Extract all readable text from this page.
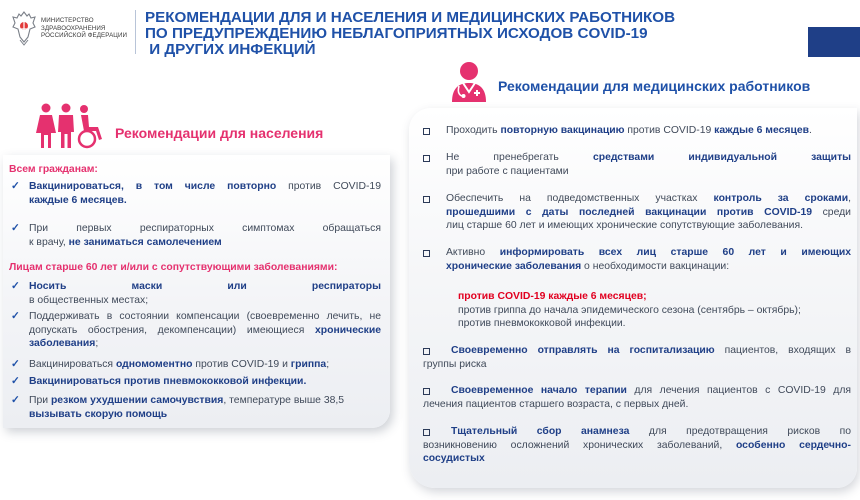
МИНИСТЕРСТВО
ЗДРАВООХРАНЕНИЯ
РОССИЙСКОЙ ФЕДЕРАЦИИ
РЕКОМЕНДАЦИИ ДЛЯ И НАСЕЛЕНИЯ И МЕДИЦИНСКИХ РАБОТНИКОВ
ПО ПРЕДУПРЕЖДЕНИЮ НЕБЛАГОПРИЯТНЫХ ИСХОДОВ COVID-19
И ДРУГИХ ИНФЕКЦИЙ
Рекомендации для медицинских работников
Рекомендации для населения
Всем гражданам:
✓ Вакцинироваться, в том числе повторно против COVID-19
каждые 6 месяцев.
✓ При	первых	респираторных	симптомах	обращаться
к врачу, не заниматься самолечением
Лицам старше 60 лет и/или с сопутствующими заболеваниями:
✓ Носить	маски	или	респираторы
в общественных местах;
✓ Поддерживать в состоянии компенсации (своевременно лечить, не
допускать обострения, декомпенсации) имеющиеся хронические
заболевания;
✓ Вакцинироваться одномоментно против COVID-19 и гриппа;
✓ Вакцинироваться против пневмококковой инфекции.
✓ При резком ухудшении самочувствия, температуре выше 38,5
вызывать скорую помощь
Проходить повторную вакцинацию против COVID-19 каждые 6 месяцев.
Не	пренебрегать	средствами	индивидуальной	защиты
при работе с пациентами
Обеспечить на подведомственных участках контроль за сроками,
прошедшими с даты последней вакцинации против COVID-19 среди
лиц старше 60 лет и имеющих хронические сопутствующие заболевания.
Активно информировать всех лиц старше 60 лет и имеющих
хронические заболевания о необходимости вакцинации:
против COVID-19 каждые 6 месяцев;
против гриппа до начала эпидемического сезона (сентябрь – октябрь);
против пневмококковой инфекции.
Своевременно отправлять на госпитализацию пациентов, входящих в
группы риска
Своевременное начало терапии для лечения пациентов с COVID-19 для
лечения пациентов старшего возраста, с первых дней.
Тщательный сбор анамнеза для предотвращения рисков по
возникновению осложнений хронических заболеваний, особенно сердечно-
сосудистых
